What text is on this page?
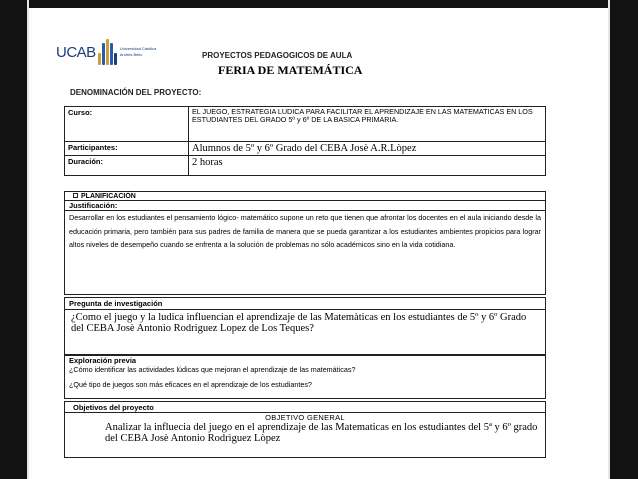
UCAB	Universidad Católica
Andrés Bello	PROYECTOS PEDAGOGICOS DE AULA
FERIA DE MATEMÁTICA
DENOMINACIÓN DEL PROYECTO:
Curso:	EL JUEGO, ESTRATEGIA LUDICA PARA FACILITAR EL APRENDIZAJE EN LAS MATEMATICAS EN LOS ESTUDIANTES DEL GRADO 5º y 6º DE LA BASICA PRIMARIA.
Participantes:	Alumnos de 5º y 6º Grado del CEBA Josè A.R.Lòpez
Duración:	2 horas
PLANIFICACIÓN
Justificación:
Desarrollar en los estudiantes el pensamiento lógico- matemático supone un reto que tienen que afrontar los docentes en el aula iniciando desde la educación primaria, pero también para sus padres de familia de manera que se pueda garantizar a los estudiantes ambientes propicios para lograr altos niveles de desempeño cuando se enfrenta a la solución de problemas no sólo académicos sino en la vida cotidiana.
Pregunta de investigación
¿Como el juego y la ludica influencian el aprendizaje de las Matemàticas en los estudiantes de 5º y 6º Grado del CEBA Josè Antonio Rodriguez Lopez de Los Teques?
Exploración previa
¿Cómo identificar las actividades lúdicas que mejoran el aprendizaje de las matemáticas?
¿Qué tipo de juegos son más eficaces en el aprendizaje de los estudiantes?
Objetivos del proyecto
OBJETIVO GENERAL
Analizar la influecia del juego en el aprendizaje de las Matematicas en los estudiantes del 5ª y 6º grado del CEBA Josè Antonio Rodrìguez Lòpez
